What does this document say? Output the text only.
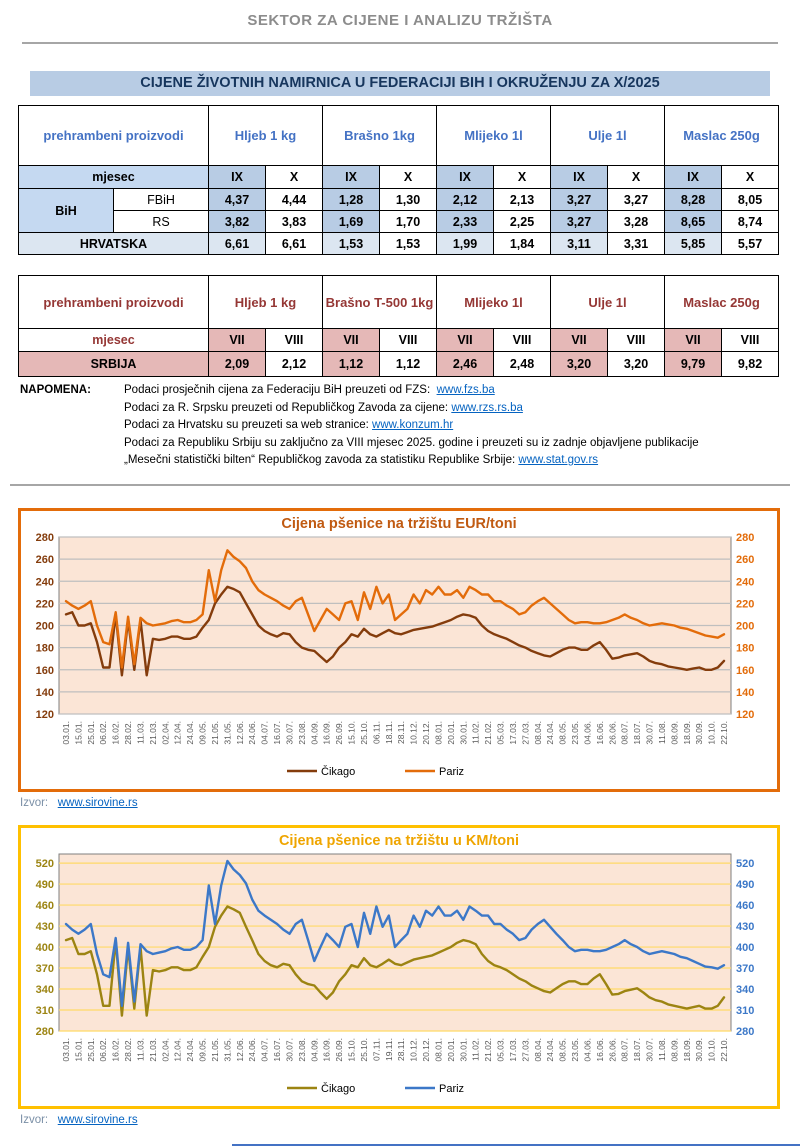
SEKTOR ZA CIJENE I ANALIZU TRŽIŠTA
CIJENE ŽIVOTNIH NAMIRNICA U FEDERACIJI BIH I OKRUŽENJU ZA X/2025
prehrambeni proizvodi		Hljeb 1 kg		Brašno 1kg		Mlijeko 1l		Ulje 1l		Maslac 250g	
mjesec		IX	X	IX	X	IX	X	IX	X	IX	X
BiH	FBiH	4,37	4,44	1,28	1,30	2,12	2,13	3,27	3,27	8,28	8,05
	RS	3,82	3,83	1,69	1,70	2,33	2,25	3,27	3,28	8,65	8,74
HRVATSKA		6,61	6,61	1,53	1,53	1,99	1,84	3,11	3,31	5,85	5,57
prehrambeni proizvodi	Hljeb 1 kg		Brašno T-500 1kg		Mlijeko 1l		Ulje 1l		Maslac 250g	
mjesec	VII	VIII	VII	VIII	VII	VIII	VII	VIII	VII	VIII
SRBIJA	2,09	2,12	1,12	1,12	2,46	2,48	3,20	3,20	9,79	9,82
NAPOMENA:	Podaci prosječnih cijena za Federaciju BiH preuzeti od FZS: www.fzs.ba
Podaci za R. Srpsku preuzeti od Republičkog Zavoda za cijene: www.rzs.rs.ba
Podaci za Hrvatsku su preuzeti sa web stranice: www.konzum.hr
Podaci za Republiku Srbiju su zaključno za VIII mjesec 2025. godine i preuzeti su iz zadnje objavljene publikacije
„Mesečni statistički bilten“ Republičkog zavoda za statistiku Republike Srbije: www.stat.gov.rs
Cijena pšenice na tržištu EUR/toni
120	120
140	140
160	160
180	180
200	200
220	220
240	240
260	260
280	280
03.01. 15.01. 25.01. 06.02. 16.02. 28.02. 11.03. 21.03. 02.04. 12.04. 24.04. 09.05. 21.05. 31.05. 12.06. 24.06. 04.07. 16.07. 30.07. 23.08. 04.09. 16.09. 26.09. 15.10. 25.10. 06.11. 18.11. 28.11. 10.12. 20.12. 08.01. 20.01. 30.01. 11.02. 21.02. 05.03. 17.03. 27.03. 08.04. 24.04. 08.05. 23.05. 04.06. 16.06. 26.06. 08.07. 18.07. 30.07. 11.08. 08.09. 18.09. 30.09. 10.10. 22.10.
Čikago	Pariz
Izvor: www.sirovine.rs
Cijena pšenice na tržištu u KM/toni
280	280
310	310
340	340
370	370
400	400
430	430
460	460
490	490
520	520
03.01. 15.01. 25.01. 06.02. 16.02. 28.02. 11.03. 21.03. 02.04. 12.04. 24.04. 09.05. 21.05. 31.05. 12.06. 24.06. 04.07. 16.07. 30.07. 23.08. 04.09. 16.09. 26.09. 15.10. 25.10. 07.11. 19.11. 28.11. 10.12. 20.12. 08.01. 20.01. 30.01. 11.02. 21.02. 05.03. 17.03. 27.03. 08.04. 24.04. 08.05. 23.05. 04.06. 16.06. 26.06. 08.07. 18.07. 30.07. 11.08. 08.09. 18.09. 30.09. 10.10. 22.10.
Čikago	Pariz
Izvor: www.sirovine.rs
